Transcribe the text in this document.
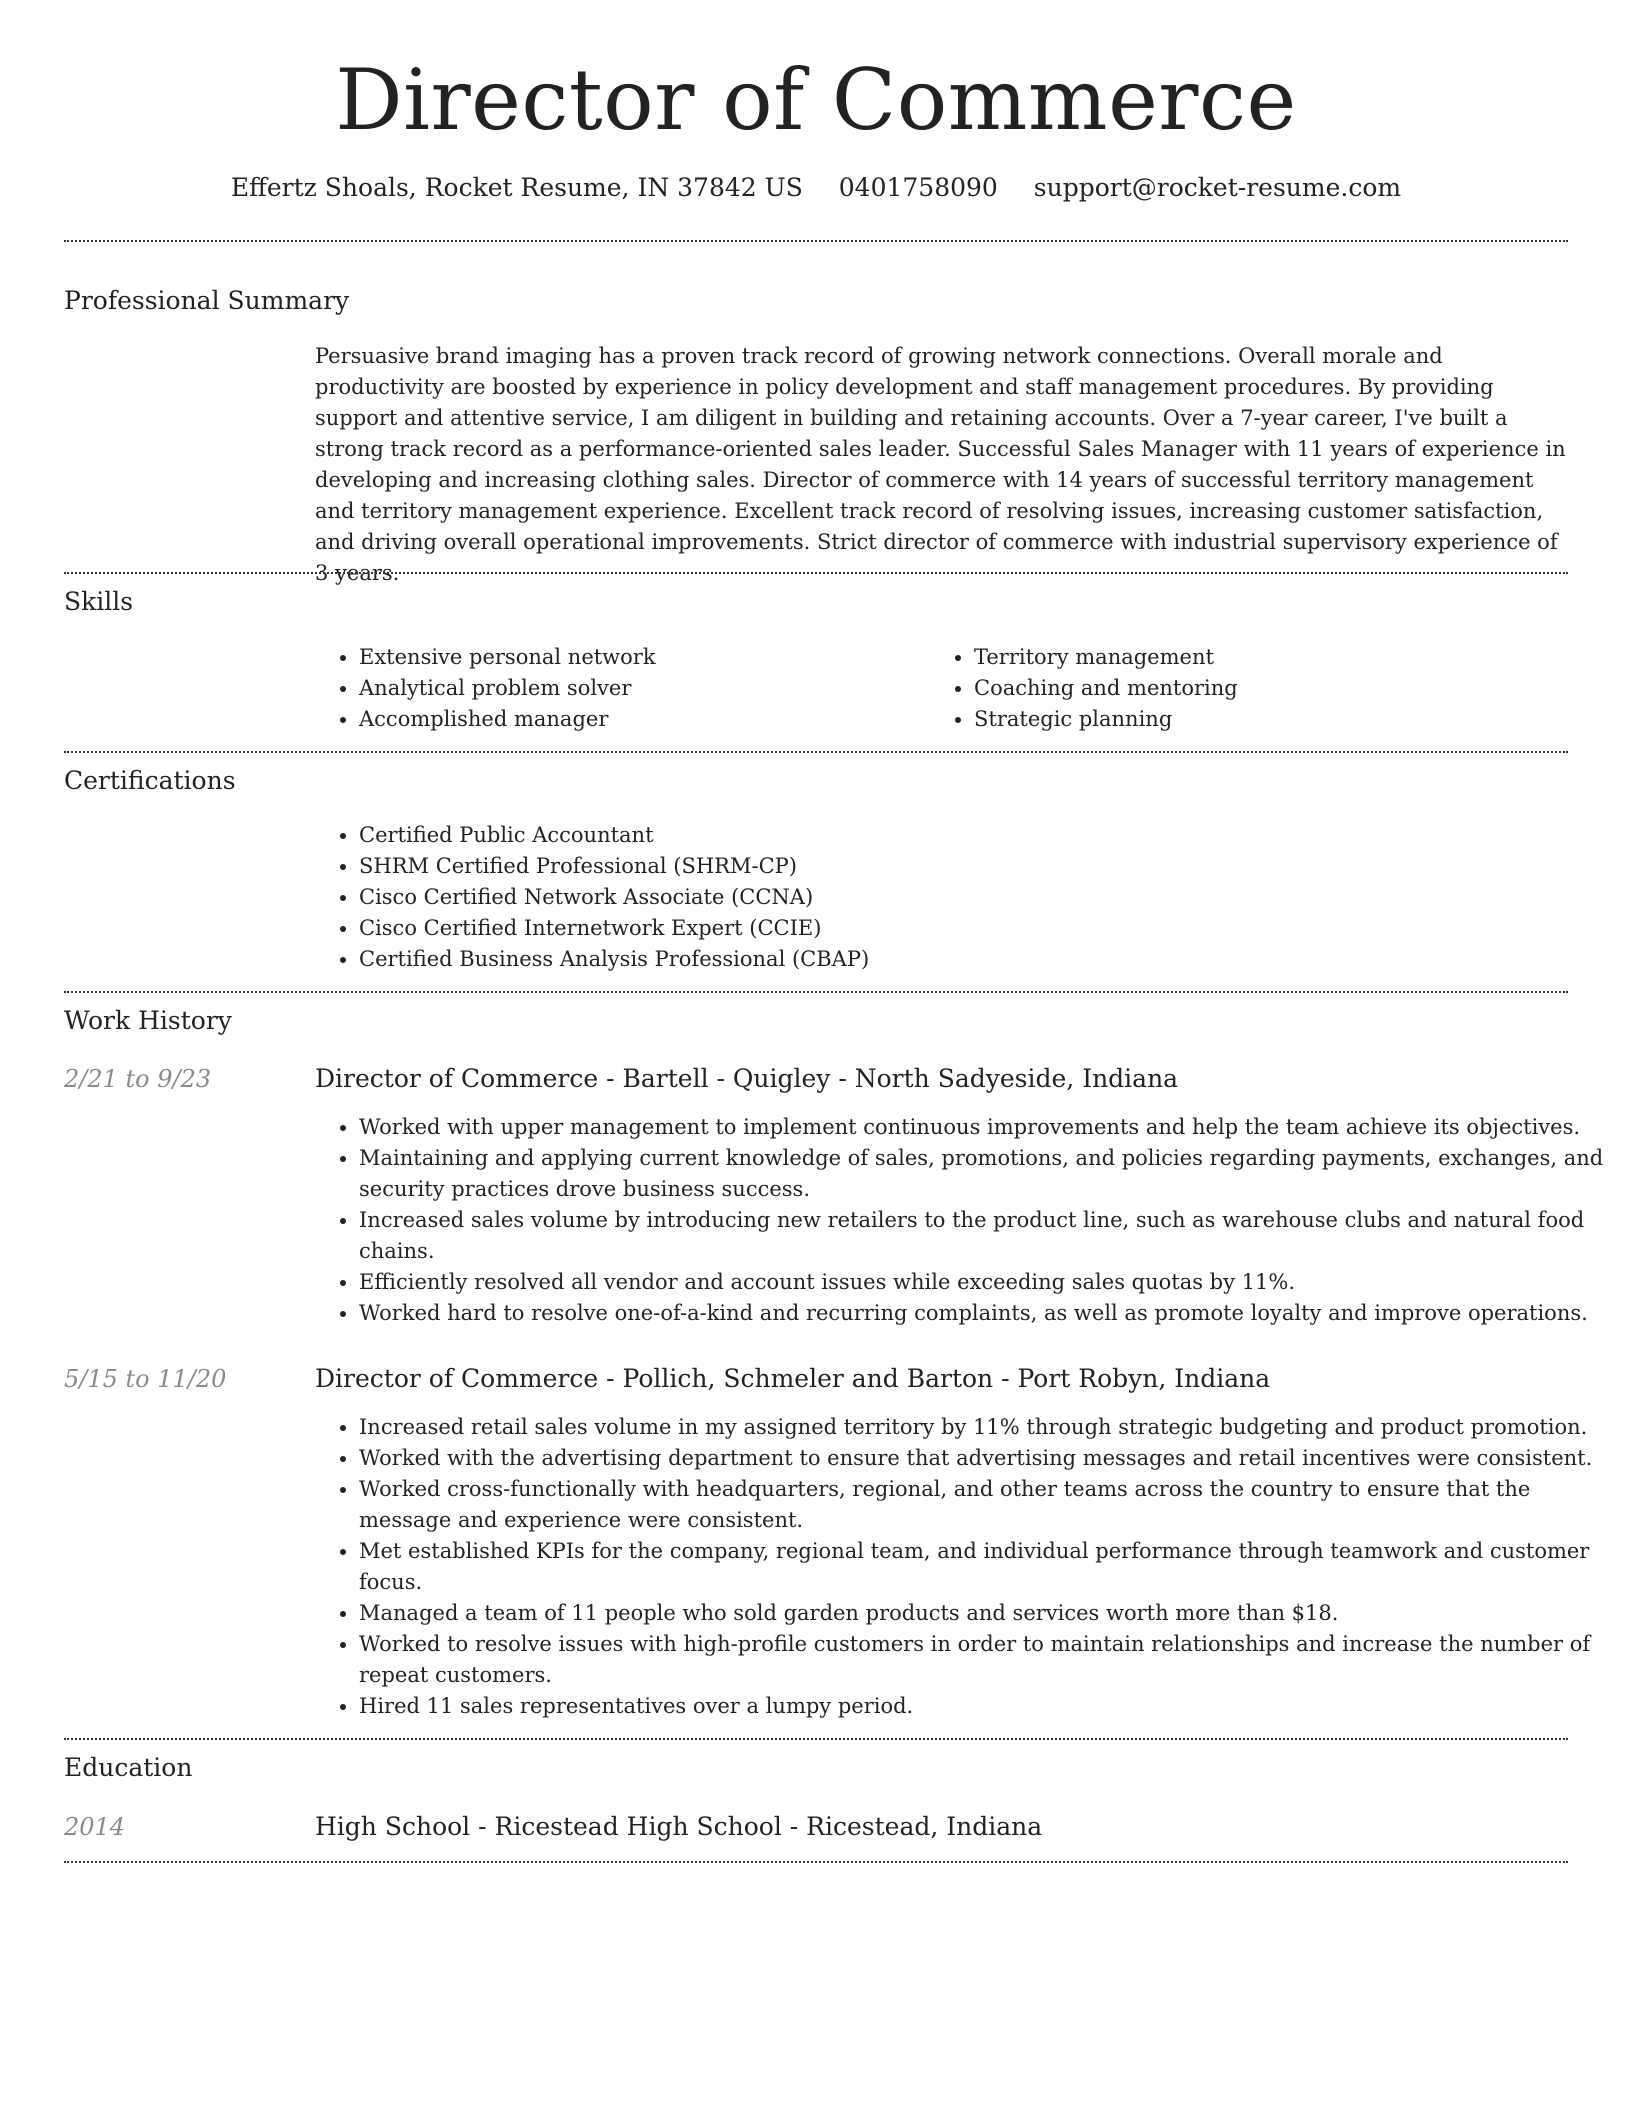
Director of Commerce
Effertz Shoals, Rocket Resume, IN 37842 US 0401758090 support@rocket-resume.com
Professional Summary
Persuasive brand imaging has a proven track record of growing network connections. Overall morale and productivity are boosted by experience in policy development and staff management procedures. By providing support and attentive service, I am diligent in building and retaining accounts. Over a 7-year career, I've built a strong track record as a performance-oriented sales leader. Successful Sales Manager with 11 years of experience in developing and increasing clothing sales. Director of commerce with 14 years of successful territory management and territory management experience. Excellent track record of resolving issues, increasing customer satisfaction, and driving overall operational improvements. Strict director of commerce with industrial supervisory experience of 3 years.
Skills
• Extensive personal network
• Analytical problem solver
• Accomplished manager
• Territory management
• Coaching and mentoring
• Strategic planning
Certifications
• Certified Public Accountant
• SHRM Certified Professional (SHRM-CP)
• Cisco Certified Network Associate (CCNA)
• Cisco Certified Internetwork Expert (CCIE)
• Certified Business Analysis Professional (CBAP)
Work History
2/21 to 9/23	Director of Commerce - Bartell - Quigley - North Sadyeside, Indiana
• Worked with upper management to implement continuous improvements and help the team achieve its objectives.
• Maintaining and applying current knowledge of sales, promotions, and policies regarding payments, exchanges, and security practices drove business success.
• Increased sales volume by introducing new retailers to the product line, such as warehouse clubs and natural food chains.
• Efficiently resolved all vendor and account issues while exceeding sales quotas by 11%.
• Worked hard to resolve one-of-a-kind and recurring complaints, as well as promote loyalty and improve operations.
5/15 to 11/20	Director of Commerce - Pollich, Schmeler and Barton - Port Robyn, Indiana
• Increased retail sales volume in my assigned territory by 11% through strategic budgeting and product promotion.
• Worked with the advertising department to ensure that advertising messages and retail incentives were consistent.
• Worked cross-functionally with headquarters, regional, and other teams across the country to ensure that the message and experience were consistent.
• Met established KPIs for the company, regional team, and individual performance through teamwork and customer focus.
• Managed a team of 11 people who sold garden products and services worth more than $18.
• Worked to resolve issues with high-profile customers in order to maintain relationships and increase the number of repeat customers.
• Hired 11 sales representatives over a lumpy period.
Education
2014	High School - Ricestead High School - Ricestead, Indiana
